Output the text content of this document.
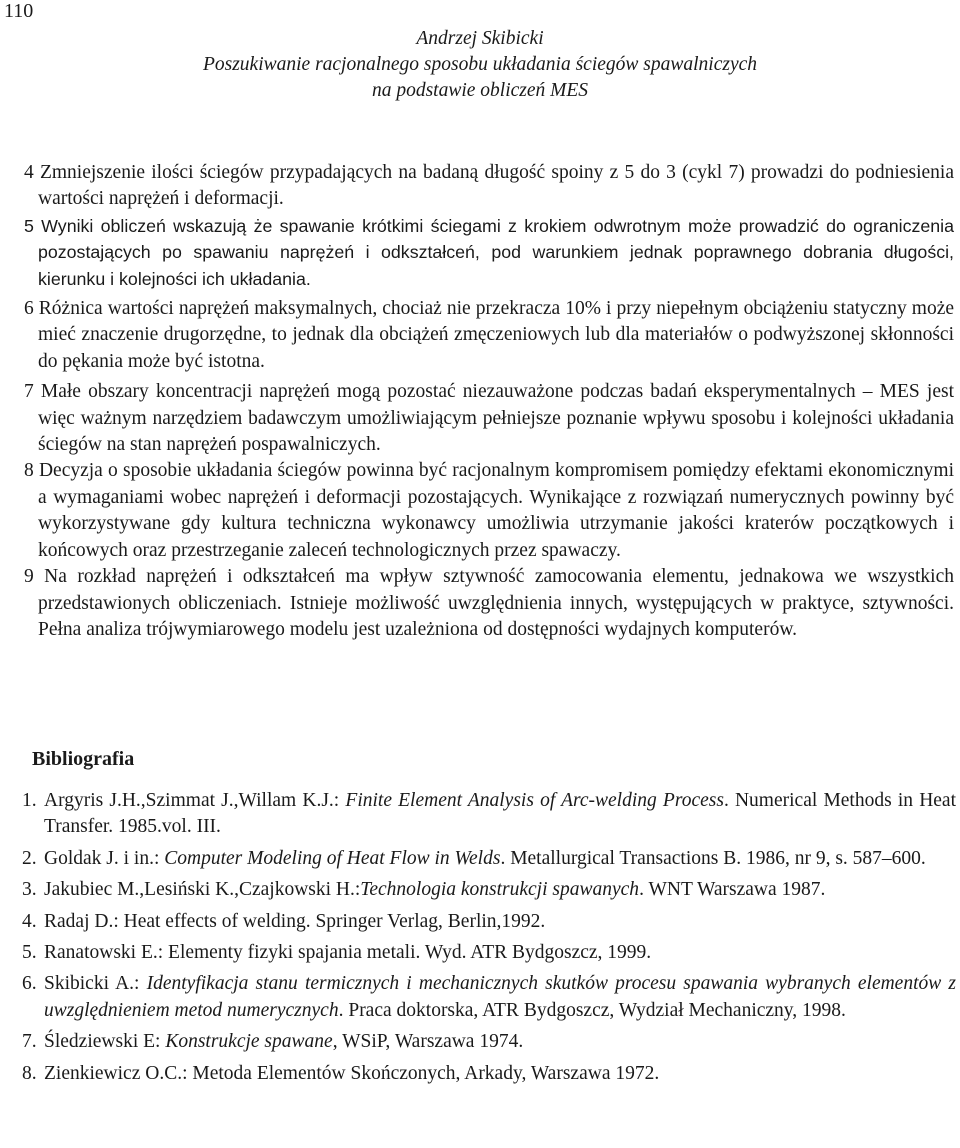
110
Andrzej Skibicki
Poszukiwanie racjonalnego sposobu układania ściegów spawalniczych
na podstawie obliczeń MES
4 Zmniejszenie ilości ściegów przypadających na badaną długość spoiny z 5 do 3 (cykl 7) prowadzi do podniesienia wartości naprężeń i deformacji.
5 Wyniki obliczeń wskazują że spawanie krótkimi ściegami z krokiem odwrotnym może prowadzić do ograniczenia pozostających po spawaniu naprężeń i odkształceń, pod warunkiem jednak poprawnego dobrania długości, kierunku i kolejności ich układania.
6 Różnica wartości naprężeń maksymalnych, chociaż nie przekracza 10% i przy niepełnym obciążeniu statyczny może mieć znaczenie drugorzędne, to jednak dla obciążeń zmęczeniowych lub dla materiałów o podwyższonej skłonności do pękania może być istotna.
7 Małe obszary koncentracji naprężeń mogą pozostać niezauważone podczas badań eksperymentalnych – MES jest więc ważnym narzędziem badawczym umożliwiającym pełniejsze poznanie wpływu sposobu i kolejności układania ściegów na stan naprężeń pospawalniczych.
8 Decyzja o sposobie układania ściegów powinna być racjonalnym kompromisem pomiędzy efektami ekonomicznymi a wymaganiami wobec naprężeń i deformacji pozostających. Wynikające z rozwiązań numerycznych powinny być wykorzystywane gdy kultura techniczna wykonawcy umożliwia utrzymanie jakości kraterów początkowych i końcowych oraz przestrzeganie zaleceń technologicznych przez spawaczy.
9 Na rozkład naprężeń i odkształceń ma wpływ sztywność zamocowania elementu, jednakowa we wszystkich przedstawionych obliczeniach. Istnieje możliwość uwzględnienia innych, występujących w praktyce, sztywności. Pełna analiza trójwymiarowego modelu jest uzależniona od dostępności wydajnych komputerów.
Bibliografia
1. Argyris J.H.,Szimmat J.,Willam K.J.: Finite Element Analysis of Arc-welding Process. Numerical Methods in Heat Transfer. 1985.vol. III.
2. Goldak J. i in.: Computer Modeling of Heat Flow in Welds. Metallurgical Transactions B. 1986, nr 9, s. 587–600.
3. Jakubiec M.,Lesiński K.,Czajkowski H.:Technologia konstrukcji spawanych. WNT Warszawa 1987.
4. Radaj D.: Heat effects of welding. Springer Verlag, Berlin,1992.
5. Ranatowski E.: Elementy fizyki spajania metali. Wyd. ATR Bydgoszcz, 1999.
6. Skibicki A.: Identyfikacja stanu termicznych i mechanicznych skutków procesu spawania wybranych elementów z uwzględnieniem metod numerycznych. Praca doktorska, ATR Bydgoszcz, Wydział Mechaniczny, 1998.
7. Śledziewski E: Konstrukcje spawane, WSiP, Warszawa 1974.
8. Zienkiewicz O.C.: Metoda Elementów Skończonych, Arkady, Warszawa 1972.
